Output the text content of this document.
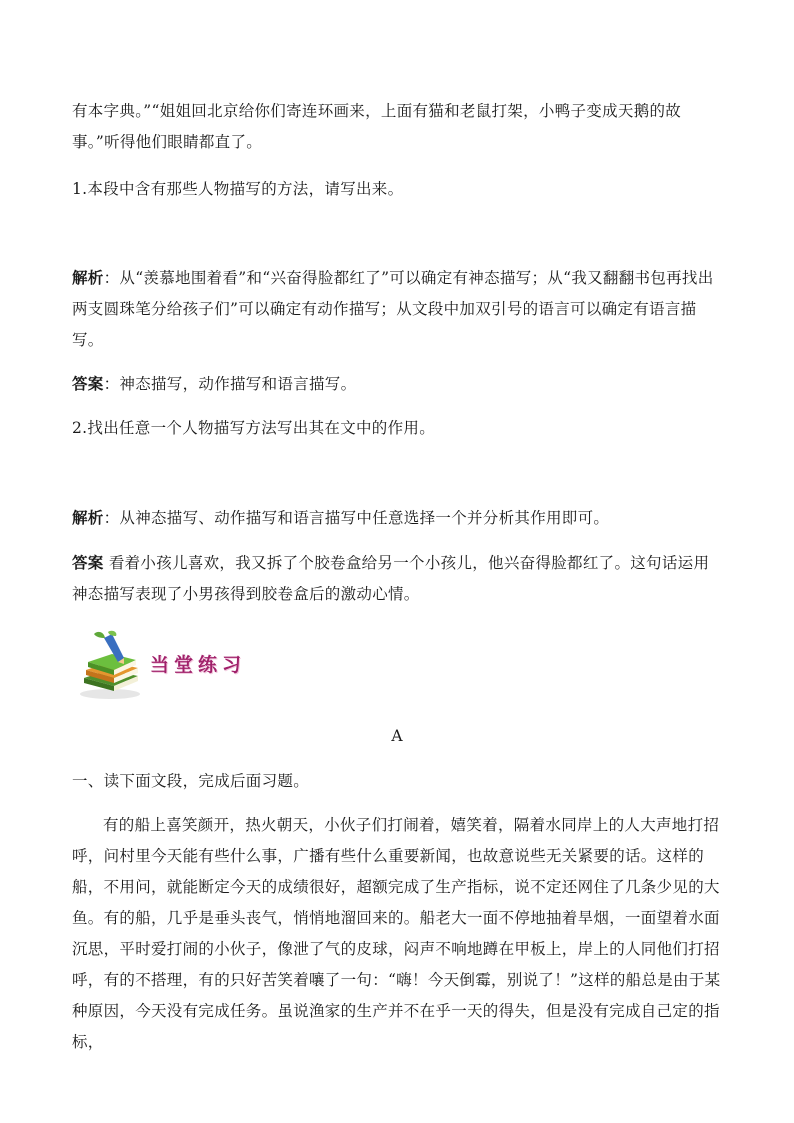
有本字典。”“姐姐回北京给你们寄连环画来，上面有猫和老鼠打架，小鸭子变成天鹅的故
事。”听得他们眼睛都直了。
1.本段中含有那些人物描写的方法，请写出来。
解析：从“羡慕地围着看”和“兴奋得脸都红了”可以确定有神态描写；从“我又翻翻书包再找出两支圆珠笔分给孩子们”可以确定有动作描写；从文段中加双引号的语言可以确定有语言描写。
答案：神态描写，动作描写和语言描写。
2.找出任意一个人物描写方法写出其在文中的作用。
解析：从神态描写、动作描写和语言描写中任意选择一个并分析其作用即可。
答案 看着小孩儿喜欢，我又拆了个胶卷盒给另一个小孩儿，他兴奋得脸都红了。这句话运用神态描写表现了小男孩得到胶卷盒后的激动心情。
当堂练习
A
一、读下面文段，完成后面习题。
有的船上喜笑颜开，热火朝天，小伙子们打闹着，嬉笑着，隔着水同岸上的人大声地打招呼，问村里今天能有些什么事，广播有些什么重要新闻，也故意说些无关紧要的话。这样的船，不用问，就能断定今天的成绩很好，超额完成了生产指标，说不定还网住了几条少见的大鱼。有的船，几乎是垂头丧气，悄悄地溜回来的。船老大一面不停地抽着旱烟，一面望着水面沉思，平时爱打闹的小伙子，像泄了气的皮球，闷声不响地蹲在甲板上，岸上的人同他们打招呼，有的不搭理，有的只好苦笑着嚷了一句：“嗨！今天倒霉，别说了！”这样的船总是由于某种原因，今天没有完成任务。虽说渔家的生产并不在乎一天的得失，但是没有完成自己定的指标，
